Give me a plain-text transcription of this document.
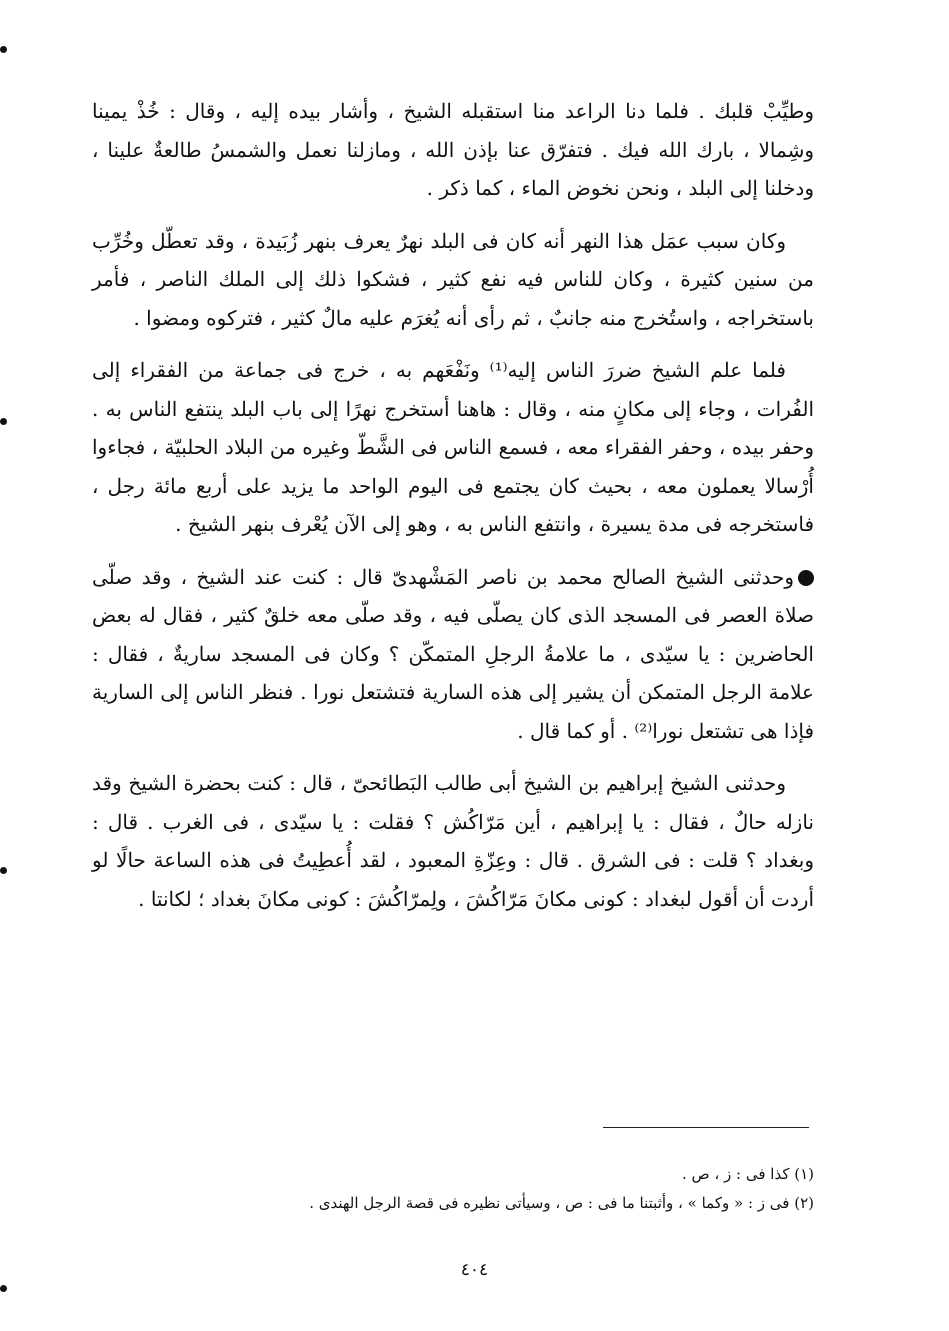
وطيِّبْ قلبك . فلما دنا الراعد منا استقبله الشيخ ، وأشار بيده إليه ، وقال : خُذْ يمينا وشِمالا ، بارك الله فيك . فتفرّق عنا بإذن الله ، ومازلنا نعمل والشمسُ طالعةٌ علينا ، ودخلنا إلى البلد ، ونحن نخوض الماء ، كما ذكر .

وكان سبب عمَل هذا النهر أنه كان فى البلد نهرٌ يعرف بنهر زُبَيدة ، وقد تعطّل وخُرِّب من سنين كثيرة ، وكان للناس فيه نفع كثير ، فشكوا ذلك إلى الملك الناصر ، فأمر باستخراجه ، واستُخرج منه جانبٌ ، ثم رأى أنه يُغرَم عليه مالٌ كثير ، فتركوه ومضوا .

فلما علم الشيخ ضررَ الناس إليه⁽¹⁾ ونَفْعَهم به ، خرج فى جماعة من الفقراء إلى الفُرات ، وجاء إلى مكانٍ منه ، وقال : هاهنا أستخرج نهرًا إلى باب البلد ينتفع الناس به . وحفر بيده ، وحفر الفقراء معه ، فسمع الناس فى الشَّطّ وغيره من البلاد الحلبيّة ، فجاءوا أُرْسالا يعملون معه ، بحيث كان يجتمع فى اليوم الواحد ما يزيد على أربع مائة رجل ، فاستخرجه فى مدة يسيرة ، وانتفع الناس به ، وهو إلى الآن يُعْرف بنهر الشيخ .

وحدثنى الشيخ الصالح محمد بن ناصر المَشْهدىّ قال : كنت عند الشيخ ، وقد صلّى صلاة العصر فى المسجد الذى كان يصلّى فيه ، وقد صلّى معه خلقٌ كثير ، فقال له بعض الحاضرين : يا سيّدى ، ما علامةُ الرجلِ المتمكّن ؟ وكان فى المسجد ساريةٌ ، فقال : علامة الرجل المتمكن أن يشير إلى هذه السارية فتشتعل نورا . فنظر الناس إلى السارية فإذا هى تشتعل نورا⁽²⁾ . أو كما قال .

وحدثنى الشيخ إبراهيم بن الشيخ أبى طالب البَطائحىّ ، قال : كنت بحضرة الشيخ وقد نازله حالٌ ، فقال : يا إبراهيم ، أين مَرّاكُش ؟ فقلت : يا سيّدى ، فى الغرب . قال : وبغداد ؟ قلت : فى الشرق . قال : وعِزّةِ المعبود ، لقد أُعطِيتُ فى هذه الساعة حالًا لو أردت أن أقول لبغداد : كونى مكانَ مَرّاكُشَ ، ولِمرّاكُشَ : كونى مكانَ بغداد ؛ لكانتا .

(١) كذا فى : ز ، ص .

(٢) فى ز : « وكما » ، وأثبتنا ما فى : ص ، وسيأتى نظيره فى قصة الرجل الهندى .

٤٠٤
